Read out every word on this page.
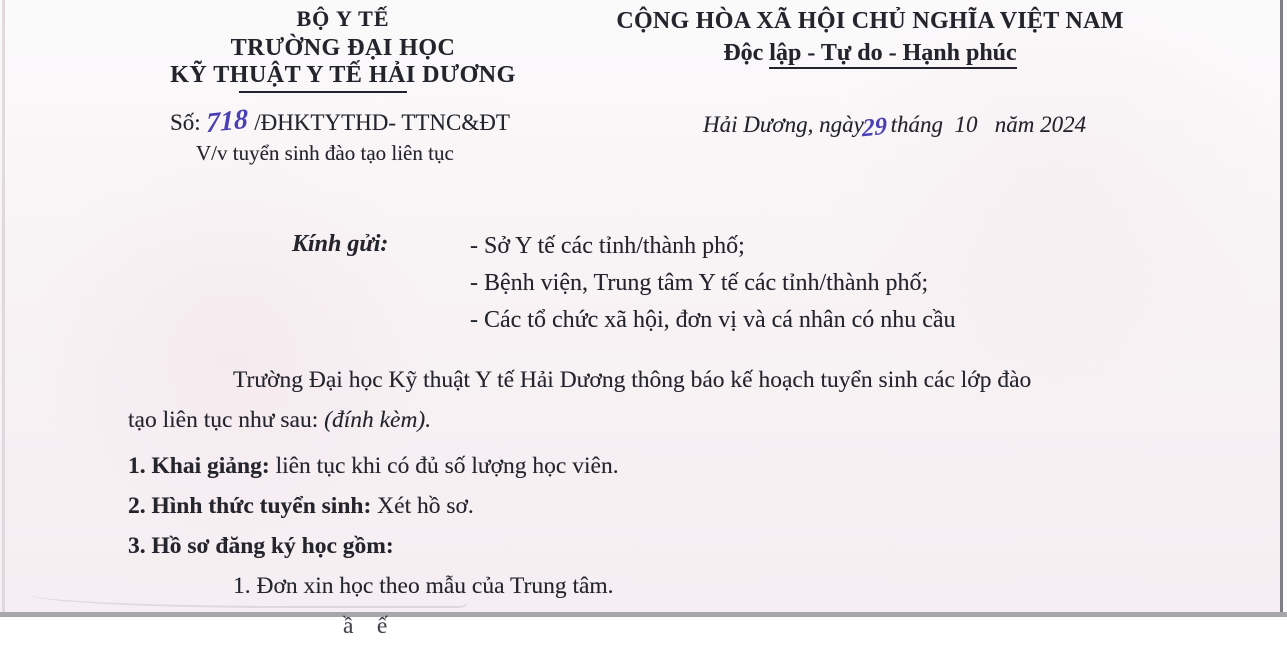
BỘ Y TẾ
TRƯỜNG ĐẠI HỌC
KỸ THUẬT Y TẾ HẢI DƯƠNG
CỘNG HÒA XÃ HỘI CHỦ NGHĨA VIỆT NAM
Độc lập - Tự do - Hạnh phúc
Số: 718 /ĐHKTYTHD- TTNC&ĐT
V/v tuyển sinh đào tạo liên tục
Hải Dương, ngày29 tháng  10   năm 2024
Kính gửi:	- Sở Y tế các tỉnh/thành phố;
- Bệnh viện, Trung tâm Y tế các tỉnh/thành phố;
- Các tổ chức xã hội, đơn vị và cá nhân có nhu cầu
Trường Đại học Kỹ thuật Y tế Hải Dương thông báo kế hoạch tuyển sinh các lớp đào
tạo liên tục như sau: (đính kèm).
1. Khai giảng: liên tục khi có đủ số lượng học viên.
2. Hình thức tuyển sinh: Xét hồ sơ.
3. Hồ sơ đăng ký học gồm:
1. Đơn xin học theo mẫu của Trung tâm.
ầ    ế
